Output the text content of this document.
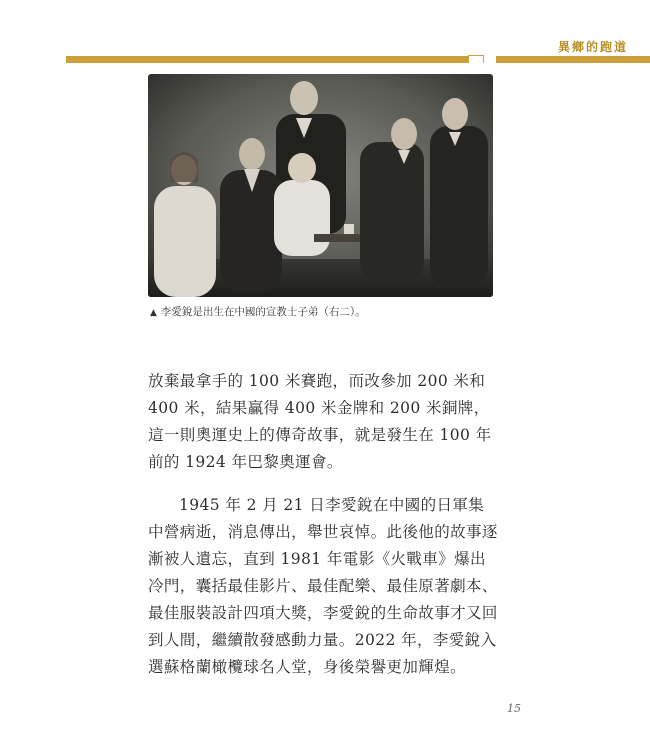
異鄉的跑道
▲ 李愛銳是出生在中國的宣教士子弟（右二）。

放棄最拿手的 100 米賽跑，而改參加 200 米和 400 米，結果贏得 400 米金牌和 200 米銅牌，這一則奧運史上的傳奇故事，就是發生在 100 年前的 1924 年巴黎奧運會。

1945 年 2 月 21 日李愛銳在中國的日軍集中營病逝，消息傳出，舉世哀悼。此後他的故事逐漸被人遺忘，直到 1981 年電影《火戰車》爆出冷門，囊括最佳影片、最佳配樂、最佳原著劇本、最佳服裝設計四項大獎，李愛銳的生命故事才又回到人間，繼續散發感動力量。2022 年，李愛銳入選蘇格蘭橄欖球名人堂，身後榮譽更加輝煌。

15
